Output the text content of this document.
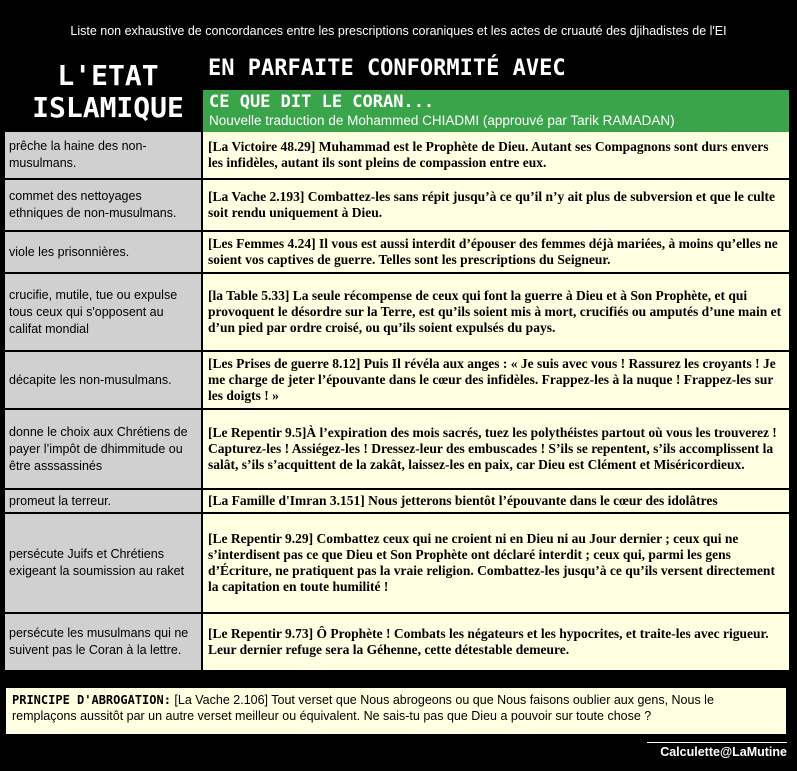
Liste non exhaustive de concordances entre les prescriptions coraniques et les actes de cruauté des djihadistes de l'EI
L'ETAT ISLAMIQUE
EN PARFAITE CONFORMITÉ AVEC
CE QUE DIT LE CORAN...
Nouvelle traduction de Mohammed CHIADMI (approuvé par Tarik RAMADAN)
prêche la haine des non-musulmans.
[La Victoire 48.29] Muhammad est le Prophète de Dieu. Autant ses Compagnons sont durs envers les infidèles, autant ils sont pleins de compassion entre eux.
commet des nettoyages ethniques de non-musulmans.
[La Vache 2.193] Combattez-les sans répit jusqu’à ce qu’il n’y ait plus de subversion et que le culte soit rendu uniquement à Dieu.
viole les prisonnières.
[Les Femmes 4.24] Il vous est aussi interdit d’épouser des femmes déjà mariées, à moins qu’elles ne soient vos captives de guerre. Telles sont les prescriptions du Seigneur.
crucifie, mutile, tue ou expulse tous ceux qui s'opposent au califat mondial
[la Table 5.33] La seule récompense de ceux qui font la guerre à Dieu et à Son Prophète, et qui provoquent le désordre sur la Terre, est qu’ils soient mis à mort, crucifiés ou amputés d’une main et d’un pied par ordre croisé, ou qu’ils soient expulsés du pays.
décapite les non-musulmans.
[Les Prises de guerre 8.12] Puis Il révéla aux anges : « Je suis avec vous ! Rassurez les croyants ! Je me charge de jeter l’épouvante dans le cœur des infidèles. Frappez-les à la nuque ! Frappez-les sur les doigts ! »
donne le choix aux Chrétiens de payer l’impôt de dhimmitude ou être asssassinés
[Le Repentir 9.5]À l’expiration des mois sacrés, tuez les polythéistes partout où vous les trouverez ! Capturez-les ! Assiégez-les ! Dressez-leur des embuscades ! S’ils se repentent, s’ils accomplissent la salât, s’ils s’acquittent de la zakât, laissez-les en paix, car Dieu est Clément et Miséricordieux.
promeut la terreur.	[La Famille d'Imran 3.151] Nous jetterons bientôt l’épouvante dans le cœur des idolâtres
persécute Juifs et Chrétiens exigeant la soumission au raket
[Le Repentir 9.29] Combattez ceux qui ne croient ni en Dieu ni au Jour dernier ; ceux qui ne s’interdisent pas ce que Dieu et Son Prophète ont déclaré interdit ; ceux qui, parmi les gens d’Écriture, ne pratiquent pas la vraie religion. Combattez-les jusqu’à ce qu’ils versent directement la capitation en toute humilité !
persécute les musulmans qui ne suivent pas le Coran à la lettre.
[Le Repentir 9.73] Ô Prophète ! Combats les négateurs et les hypocrites, et traite-les avec rigueur. Leur dernier refuge sera la Géhenne, cette détestable demeure.
PRINCIPE D'ABROGATION: [La Vache 2.106] Tout verset que Nous abrogeons ou que Nous faisons oublier aux gens, Nous le remplaçons aussitôt par un autre verset meilleur ou équivalent. Ne sais-tu pas que Dieu a pouvoir sur toute chose ?
Calculette@LaMutine
